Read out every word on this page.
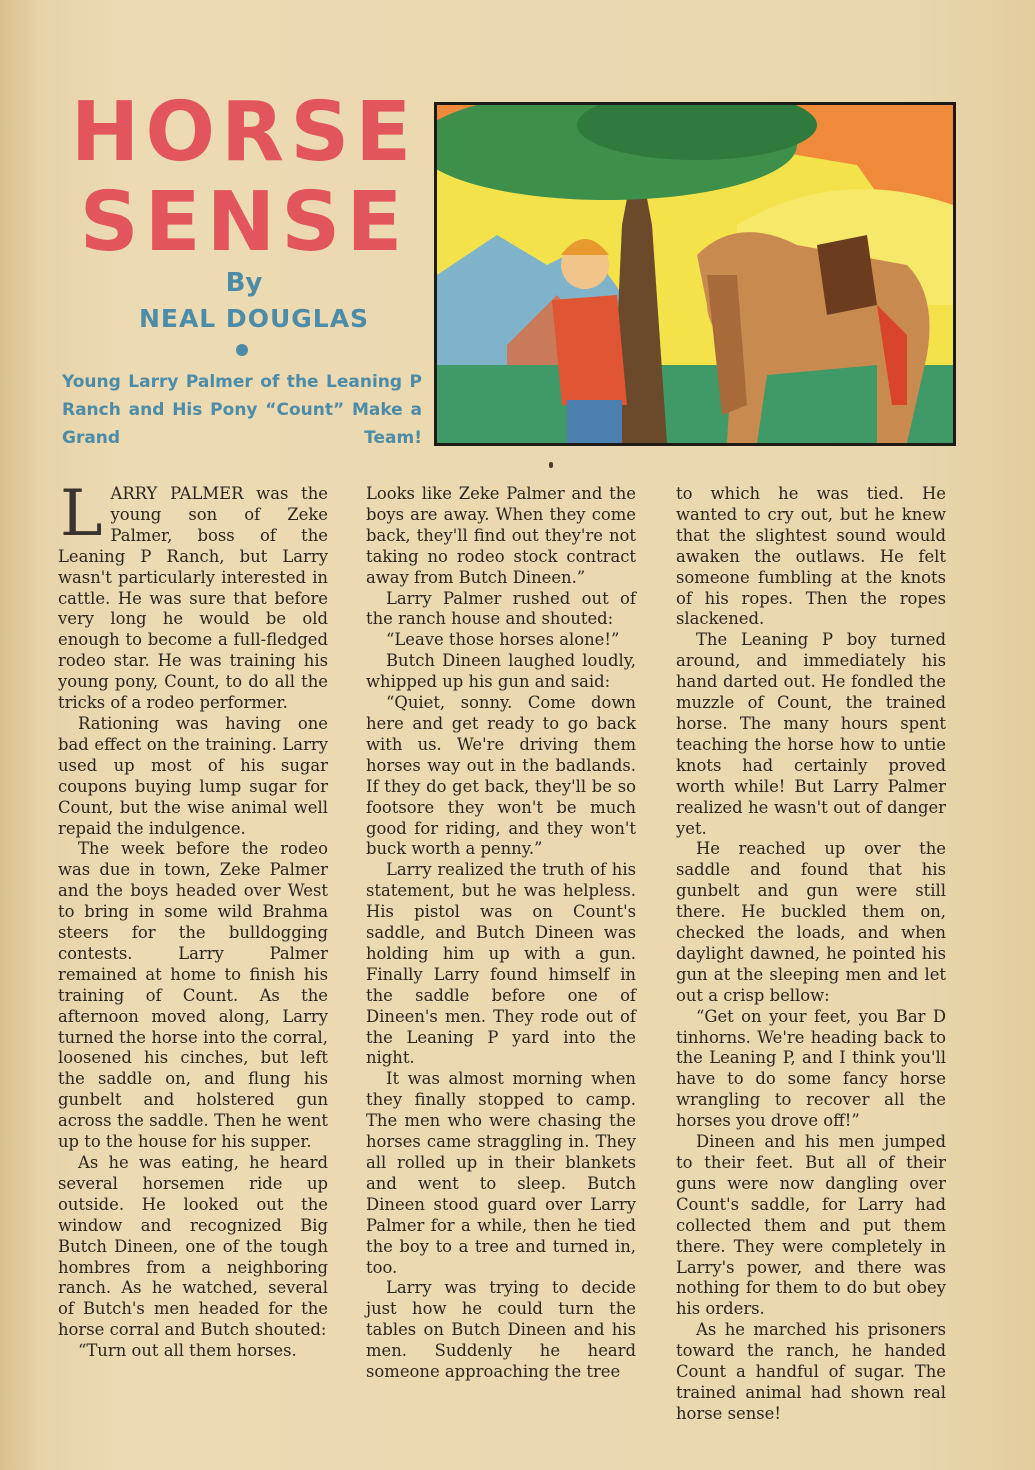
HORSE
SENSE
By
NEAL DOUGLAS
Young Larry Palmer of the Leaning P Ranch and His Pony “Count” Make a Grand Team!

LARRY PALMER was the young son of Zeke Palmer, boss of the Leaning P Ranch, but Larry wasn't particularly interested in cattle. He was sure that before very long he would be old enough to become a full-fledged rodeo star. He was training his young pony, Count, to do all the tricks of a rodeo performer.

Rationing was having one bad effect on the training. Larry used up most of his sugar coupons buying lump sugar for Count, but the wise animal well repaid the indulgence.

The week before the rodeo was due in town, Zeke Palmer and the boys headed over West to bring in some wild Brahma steers for the bulldogging contests. Larry Palmer remained at home to finish his training of Count. As the afternoon moved along, Larry turned the horse into the corral, loosened his cinches, but left the saddle on, and flung his gunbelt and holstered gun across the saddle. Then he went up to the house for his supper.

As he was eating, he heard several horsemen ride up outside. He looked out the window and recognized Big Butch Dineen, one of the tough hombres from a neighboring ranch. As he watched, several of Butch's men headed for the horse corral and Butch shouted:

“Turn out all them horses.

Looks like Zeke Palmer and the boys are away. When they come back, they'll find out they're not taking no rodeo stock contract away from Butch Dineen.”

Larry Palmer rushed out of the ranch house and shouted:

“Leave those horses alone!”

Butch Dineen laughed loudly, whipped up his gun and said:

“Quiet, sonny. Come down here and get ready to go back with us. We're driving them horses way out in the badlands. If they do get back, they'll be so footsore they won't be much good for riding, and they won't buck worth a penny.”

Larry realized the truth of his statement, but he was helpless. His pistol was on Count's saddle, and Butch Dineen was holding him up with a gun. Finally Larry found himself in the saddle before one of Dineen's men. They rode out of the Leaning P yard into the night.

It was almost morning when they finally stopped to camp. The men who were chasing the horses came straggling in. They all rolled up in their blankets and went to sleep. Butch Dineen stood guard over Larry Palmer for a while, then he tied the boy to a tree and turned in, too.

Larry was trying to decide just how he could turn the tables on Butch Dineen and his men. Suddenly he heard someone approaching the tree

to which he was tied. He wanted to cry out, but he knew that the slightest sound would awaken the outlaws. He felt someone fumbling at the knots of his ropes. Then the ropes slackened.

The Leaning P boy turned around, and immediately his hand darted out. He fondled the muzzle of Count, the trained horse. The many hours spent teaching the horse how to untie knots had certainly proved worth while! But Larry Palmer realized he wasn't out of danger yet.

He reached up over the saddle and found that his gunbelt and gun were still there. He buckled them on, checked the loads, and when daylight dawned, he pointed his gun at the sleeping men and let out a crisp bellow:

“Get on your feet, you Bar D tinhorns. We're heading back to the Leaning P, and I think you'll have to do some fancy horse wrangling to recover all the horses you drove off!”

Dineen and his men jumped to their feet. But all of their guns were now dangling over Count's saddle, for Larry had collected them and put them there. They were completely in Larry's power, and there was nothing for them to do but obey his orders.

As he marched his prisoners toward the ranch, he handed Count a handful of sugar. The trained animal had shown real horse sense!
